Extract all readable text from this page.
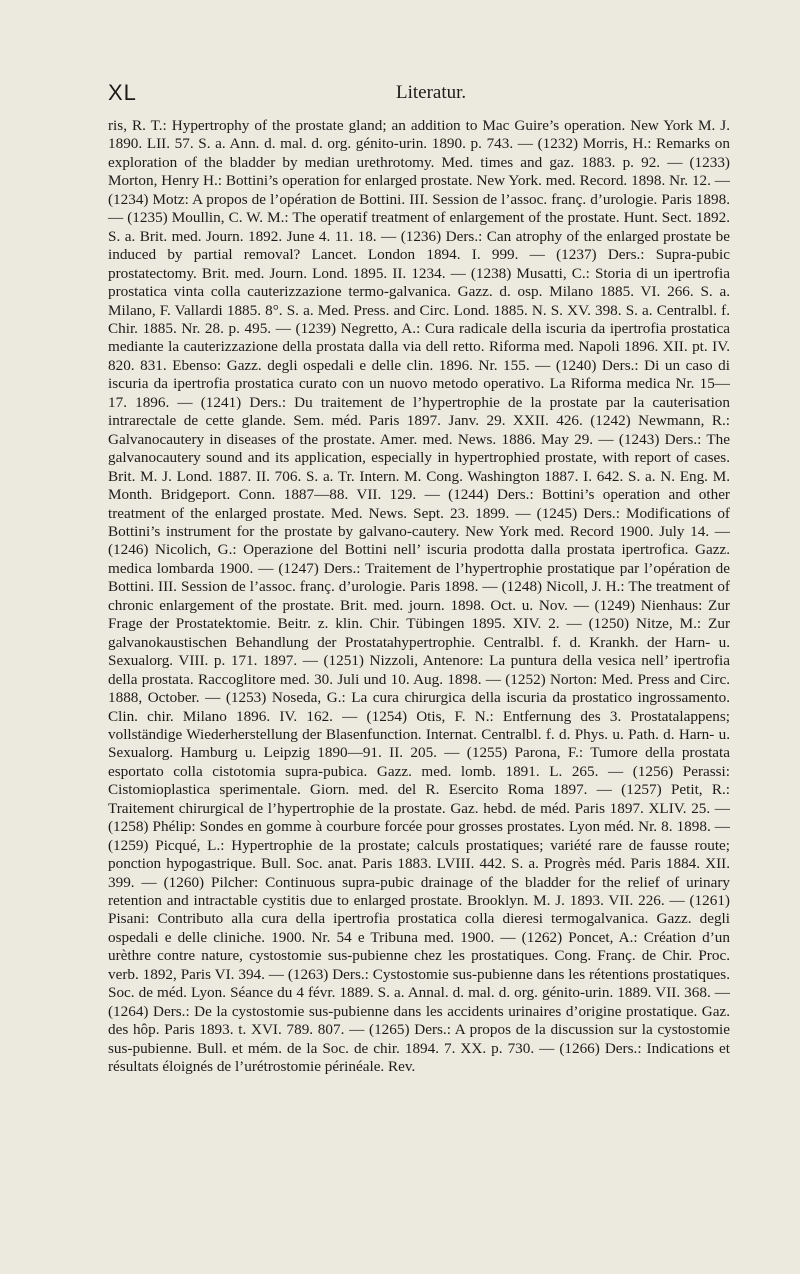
XL	Literatur.

ris, R. T.: Hypertrophy of the prostate gland; an addition to Mac Guire’s operation. New York M. J. 1890. LII. 57. S. a. Ann. d. mal. d. org. génito-urin. 1890. p. 743. — (1232) Morris, H.: Remarks on exploration of the bladder by median urethrotomy. Med. times and gaz. 1883. p. 92. — (1233) Morton, Henry H.: Bottini’s operation for enlarged prostate. New York. med. Record. 1898. Nr. 12. — (1234) Motz: A propos de l’opération de Bottini. III. Session de l’assoc. franç. d’urologie. Paris 1898. — (1235) Moullin, C. W. M.: The operatif treatment of enlargement of the prostate. Hunt. Sect. 1892. S. a. Brit. med. Journ. 1892. June 4. 11. 18. — (1236) Ders.: Can atrophy of the enlarged prostate be induced by partial removal? Lancet. London 1894. I. 999. — (1237) Ders.: Supra-pubic prostatectomy. Brit. med. Journ. Lond. 1895. II. 1234. — (1238) Musatti, C.: Storia di un ipertrofia prostatica vinta colla cauterizzazione termo-galvanica. Gazz. d. osp. Milano 1885. VI. 266. S. a. Milano, F. Vallardi 1885. 8°. S. a. Med. Press. and Circ. Lond. 1885. N. S. XV. 398. S. a. Centralbl. f. Chir. 1885. Nr. 28. p. 495. — (1239) Negretto, A.: Cura radicale della iscuria da ipertrofia prostatica mediante la cauterizzazione della prostata dalla via dell retto. Riforma med. Napoli 1896. XII. pt. IV. 820. 831. Ebenso: Gazz. degli ospedali e delle clin. 1896. Nr. 155. — (1240) Ders.: Di un caso di iscuria da ipertrofia prostatica curato con un nuovo metodo operativo. La Riforma medica Nr. 15—17. 1896. — (1241) Ders.: Du traitement de l’hypertrophie de la prostate par la cauterisation intrarectale de cette glande. Sem. méd. Paris 1897. Janv. 29. XXII. 426. (1242) Newmann, R.: Galvanocautery in diseases of the prostate. Amer. med. News. 1886. May 29. — (1243) Ders.: The galvanocautery sound and its application, especially in hypertrophied prostate, with report of cases. Brit. M. J. Lond. 1887. II. 706. S. a. Tr. Intern. M. Cong. Washington 1887. I. 642. S. a. N. Eng. M. Month. Bridgeport. Conn. 1887—88. VII. 129. — (1244) Ders.: Bottini’s operation and other treatment of the enlarged prostate. Med. News. Sept. 23. 1899. — (1245) Ders.: Modifications of Bottini’s instrument for the prostate by galvano-cautery. New York med. Record 1900. July 14. — (1246) Nicolich, G.: Operazione del Bottini nell’ iscuria prodotta dalla prostata ipertrofica. Gazz. medica lombarda 1900. — (1247) Ders.: Traitement de l’hypertrophie prostatique par l’opération de Bottini. III. Session de l’assoc. franç. d’urologie. Paris 1898. — (1248) Nicoll, J. H.: The treatment of chronic enlargement of the prostate. Brit. med. journ. 1898. Oct. u. Nov. — (1249) Nienhaus: Zur Frage der Prostatektomie. Beitr. z. klin. Chir. Tübingen 1895. XIV. 2. — (1250) Nitze, M.: Zur galvanokaustischen Behandlung der Prostatahypertrophie. Centralbl. f. d. Krankh. der Harn- u. Sexualorg. VIII. p. 171. 1897. — (1251) Nizzoli, Antenore: La puntura della vesica nell’ ipertrofia della prostata. Raccoglitore med. 30. Juli und 10. Aug. 1898. — (1252) Norton: Med. Press and Circ. 1888, October. — (1253) Noseda, G.: La cura chirurgica della iscuria da prostatico ingrossamento. Clin. chir. Milano 1896. IV. 162. — (1254) Otis, F. N.: Entfernung des 3. Prostatalappens; vollständige Wiederherstellung der Blasenfunction. Internat. Centralbl. f. d. Phys. u. Path. d. Harn- u. Sexualorg. Hamburg u. Leipzig 1890—91. II. 205. — (1255) Parona, F.: Tumore della prostata esportato colla cistotomia supra-pubica. Gazz. med. lomb. 1891. L. 265. — (1256) Perassi: Cistomioplastica sperimentale. Giorn. med. del R. Esercito Roma 1897. — (1257) Petit, R.: Traitement chirurgical de l’hypertrophie de la prostate. Gaz. hebd. de méd. Paris 1897. XLIV. 25. — (1258) Phélip: Sondes en gomme à courbure forcée pour grosses prostates. Lyon méd. Nr. 8. 1898. — (1259) Picqué, L.: Hypertrophie de la prostate; calculs prostatiques; variété rare de fausse route; ponction hypogastrique. Bull. Soc. anat. Paris 1883. LVIII. 442. S. a. Progrès méd. Paris 1884. XII. 399. — (1260) Pilcher: Continuous supra-pubic drainage of the bladder for the relief of urinary retention and intractable cystitis due to enlarged prostate. Brooklyn. M. J. 1893. VII. 226. — (1261) Pisani: Contributo alla cura della ipertrofia prostatica colla dieresi termogalvanica. Gazz. degli ospedali e delle cliniche. 1900. Nr. 54 e Tribuna med. 1900. — (1262) Poncet, A.: Création d’un urèthre contre nature, cystostomie sus-pubienne chez les prostatiques. Cong. Franç. de Chir. Proc. verb. 1892, Paris VI. 394. — (1263) Ders.: Cystostomie sus-pubienne dans les rétentions prostatiques. Soc. de méd. Lyon. Séance du 4 févr. 1889. S. a. Annal. d. mal. d. org. génito-urin. 1889. VII. 368. — (1264) Ders.: De la cystostomie sus-pubienne dans les accidents urinaires d’origine prostatique. Gaz. des hôp. Paris 1893. t. XVI. 789. 807. — (1265) Ders.: A propos de la discussion sur la cystostomie sus-pubienne. Bull. et mém. de la Soc. de chir. 1894. 7. XX. p. 730. — (1266) Ders.: Indications et résultats éloignés de l’urétrostomie périnéale. Rev.
